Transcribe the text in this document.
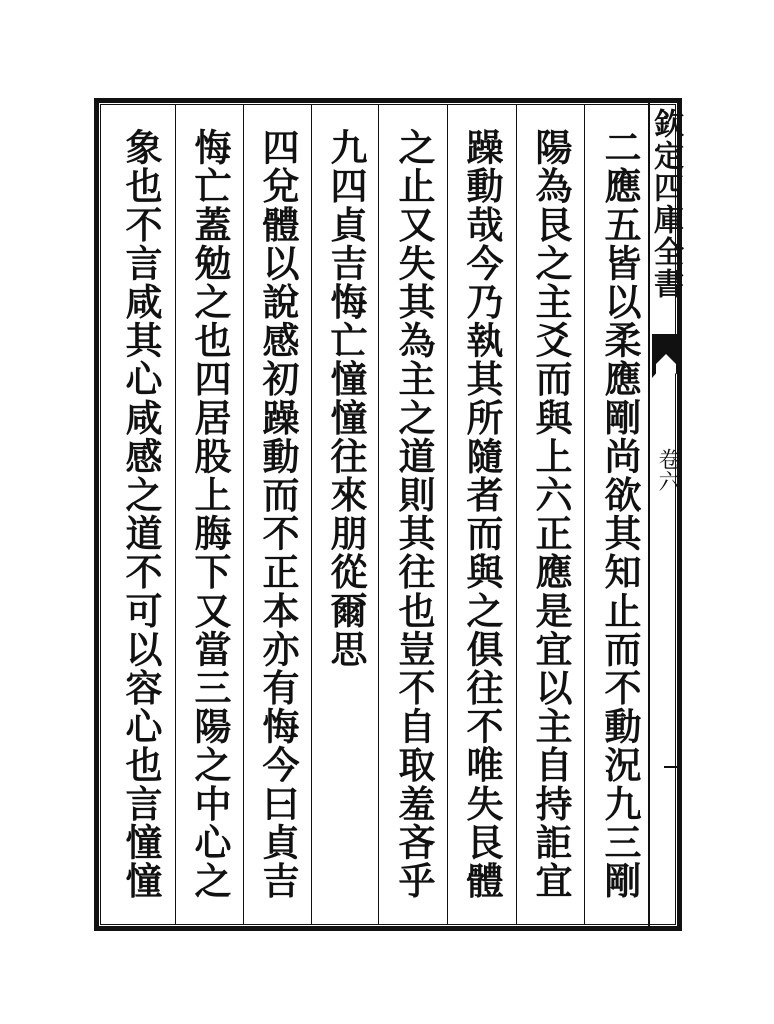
欽定四庫全書
卷六
二應五皆以柔應剛尚欲其知止而不動況九三剛
陽為艮之主爻而與上六正應是宜以主自持詎宜
躁動哉今乃執其所隨者而與之俱往不唯失艮體
之止又失其為主之道則其往也豈不自取羞吝乎
九四貞吉悔亡憧憧往來朋從爾思
四兌體以說感初躁動而不正本亦有悔今曰貞吉
悔亡蓋勉之也四居股上脢下又當三陽之中心之
象也不言咸其心咸感之道不可以容心也言憧憧
